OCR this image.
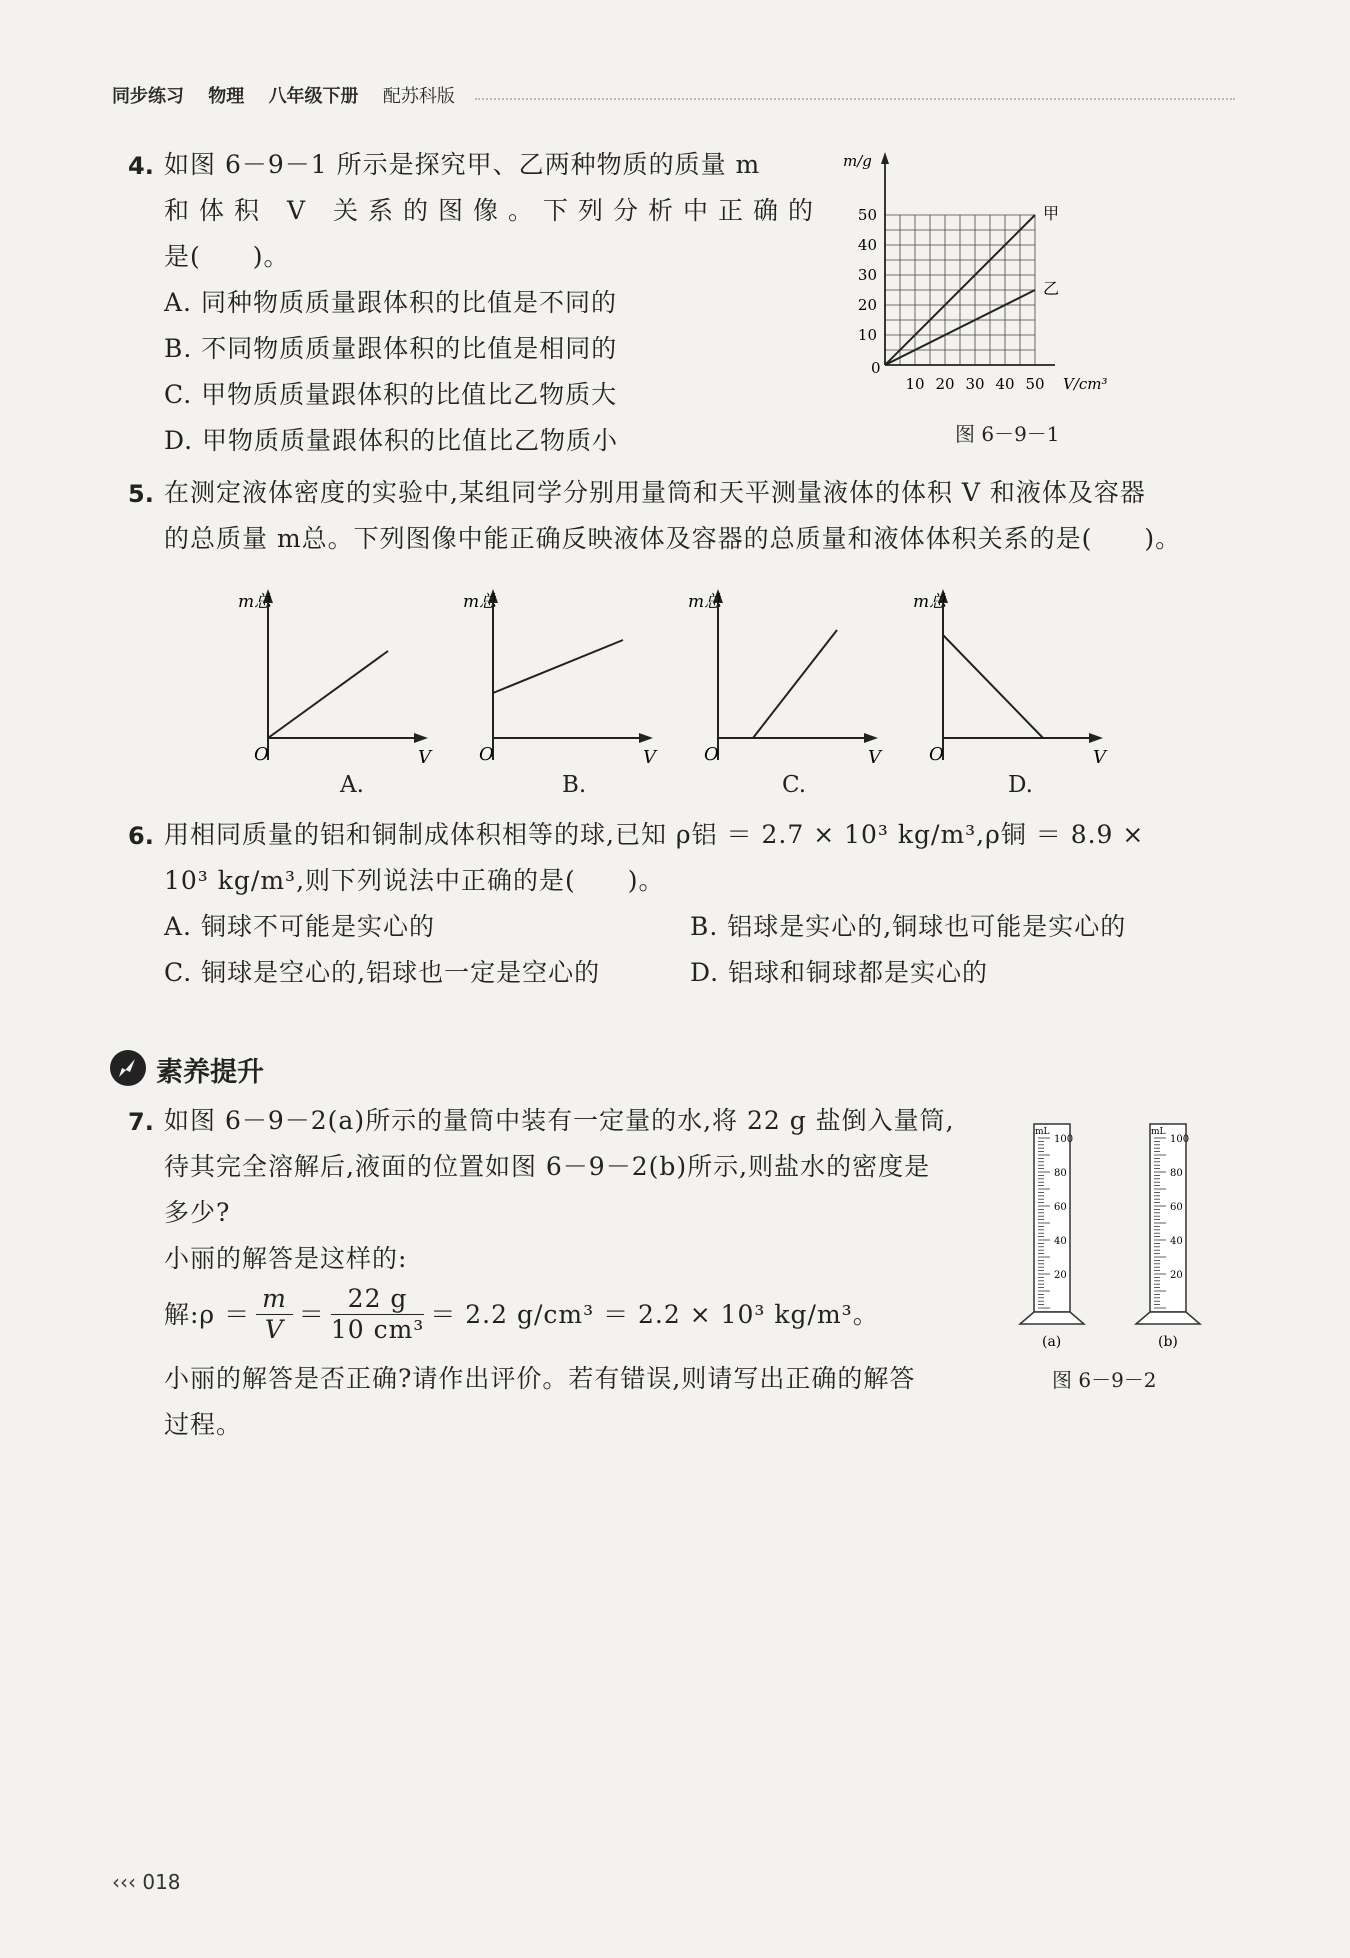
同步练习 物理 八年级下册 配苏科版
4. 如图 6－9－1 所示是探究甲、乙两种物质的质量 m
和体积 V 关系的图像。下列分析中正确的
是(　　)。
A. 同种物质质量跟体积的比值是不同的
B. 不同物质质量跟体积的比值是相同的
C. 甲物质质量跟体积的比值比乙物质大
D. 甲物质质量跟体积的比值比乙物质小
10 20 30 40 50
10
20
30
40
50
0
m/g
V/cm³
甲
乙
图 6－9－1
5. 在测定液体密度的实验中,某组同学分别用量筒和天平测量液体的体积 V 和液体及容器
的总质量 m总。下列图像中能正确反映液体及容器的总质量和液体体积关系的是(　　)。
m总
O	V
A.
m总
O	V
B.
m总
O	V
C.
m总
O	V
D.
6. 用相同质量的铝和铜制成体积相等的球,已知 ρ铝 ＝ 2.7 × 10³ kg/m³,ρ铜 ＝ 8.9 ×
10³ kg/m³,则下列说法中正确的是(　　)。
A. 铜球不可能是实心的	B. 铝球是实心的,铜球也可能是实心的
C. 铜球是空心的,铝球也一定是空心的	D. 铝球和铜球都是实心的
素养提升
7. 如图 6－9－2(a)所示的量筒中装有一定量的水,将 22 g 盐倒入量筒,
待其完全溶解后,液面的位置如图 6－9－2(b)所示,则盐水的密度是
多少?
小丽的解答是这样的:
解:ρ ＝ $\frac{m}{V} = \frac{22 g}{\text{10 cm³}} = 2.2$ g/cm³ ＝ 2.2 × 10³ kg/m³。
小丽的解答是否正确?请作出评价。若有错误,则请写出正确的解答
过程。
mL
100
80
60
40
20
(a)
mL
100
80
60
40
20
(b)
图 6－9－2
‹‹‹ 018
